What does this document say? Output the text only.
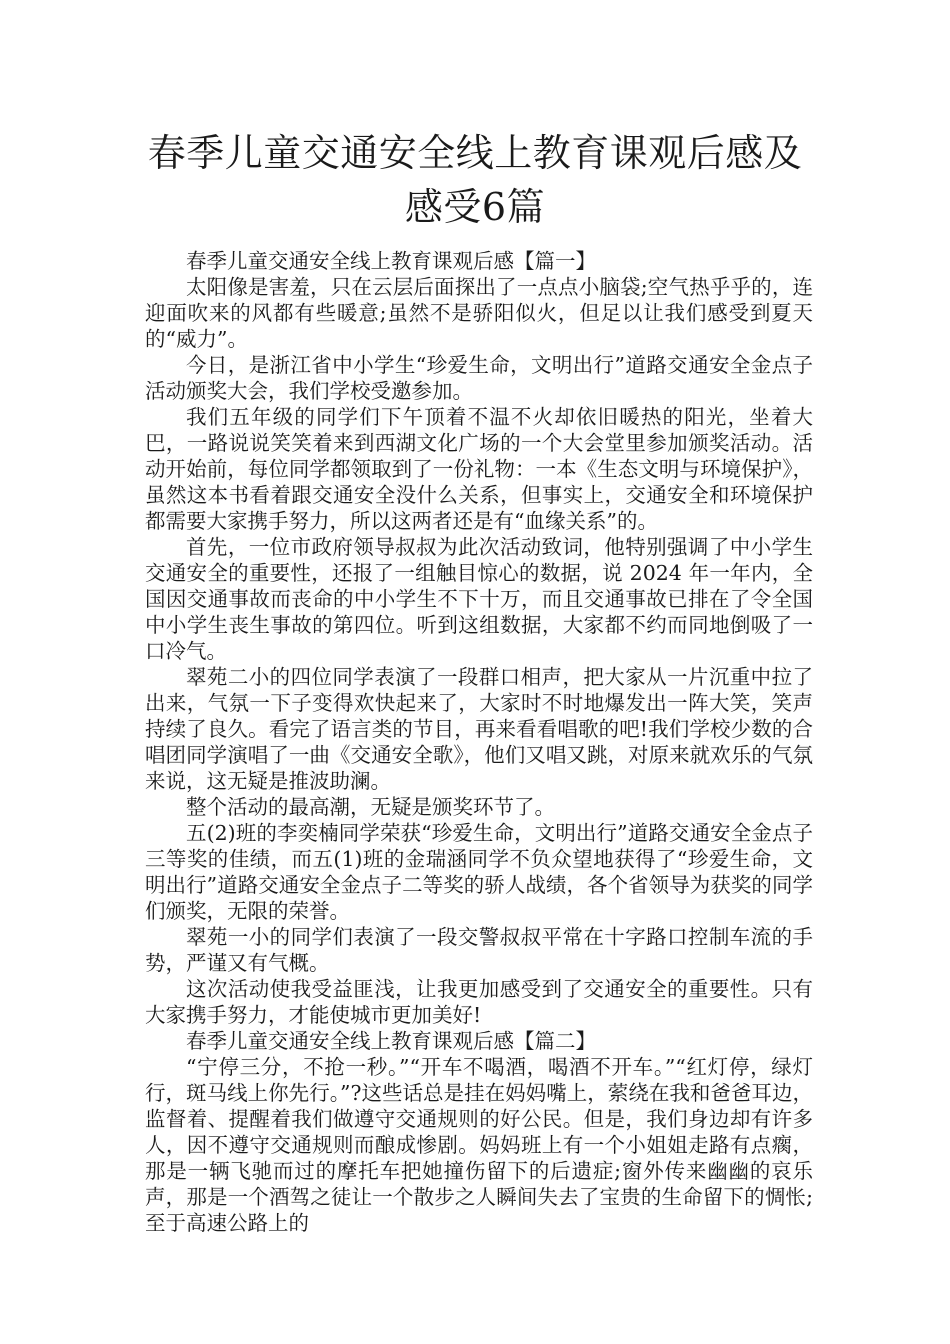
春季儿童交通安全线上教育课观后感及感受6篇

春季儿童交通安全线上教育课观后感【篇一】

太阳像是害羞，只在云层后面探出了一点点小脑袋;空气热乎乎的，连迎面吹来的风都有些暖意;虽然不是骄阳似火，但足以让我们感受到夏天的“威力”。

今日，是浙江省中小学生“珍爱生命，文明出行”道路交通安全金点子活动颁奖大会，我们学校受邀参加。

我们五年级的同学们下午顶着不温不火却依旧暖热的阳光，坐着大巴，一路说说笑笑着来到西湖文化广场的一个大会堂里参加颁奖活动。活动开始前，每位同学都领取到了一份礼物：一本《生态文明与环境保护》，虽然这本书看着跟交通安全没什么关系，但事实上，交通安全和环境保护都需要大家携手努力，所以这两者还是有“血缘关系”的。

首先，一位市政府领导叔叔为此次活动致词，他特别强调了中小学生交通安全的重要性，还报了一组触目惊心的数据，说 2024 年一年内，全国因交通事故而丧命的中小学生不下十万，而且交通事故已排在了令全国中小学生丧生事故的第四位。听到这组数据，大家都不约而同地倒吸了一口冷气。

翠苑二小的四位同学表演了一段群口相声，把大家从一片沉重中拉了出来，气氛一下子变得欢快起来了，大家时不时地爆发出一阵大笑，笑声持续了良久。看完了语言类的节目，再来看看唱歌的吧!我们学校少数的合唱团同学演唱了一曲《交通安全歌》，他们又唱又跳，对原来就欢乐的气氛来说，这无疑是推波助澜。

整个活动的最高潮，无疑是颁奖环节了。

五(2)班的李奕楠同学荣获“珍爱生命，文明出行”道路交通安全金点子三等奖的佳绩，而五(1)班的金瑞涵同学不负众望地获得了“珍爱生命，文明出行”道路交通安全金点子二等奖的骄人战绩，各个省领导为获奖的同学们颁奖，无限的荣誉。

翠苑一小的同学们表演了一段交警叔叔平常在十字路口控制车流的手势，严谨又有气概。

这次活动使我受益匪浅，让我更加感受到了交通安全的重要性。只有大家携手努力，才能使城市更加美好!

春季儿童交通安全线上教育课观后感【篇二】

“宁停三分，不抢一秒。”“开车不喝酒，喝酒不开车。”“红灯停，绿灯行，斑马线上你先行。”?这些话总是挂在妈妈嘴上，萦绕在我和爸爸耳边，监督着、提醒着我们做遵守交通规则的好公民。但是，我们身边却有许多人，因不遵守交通规则而酿成惨剧。妈妈班上有一个小姐姐走路有点瘸，那是一辆飞驰而过的摩托车把她撞伤留下的后遗症;窗外传来幽幽的哀乐声，那是一个酒驾之徒让一个散步之人瞬间失去了宝贵的生命留下的惆怅;至于高速公路上的
